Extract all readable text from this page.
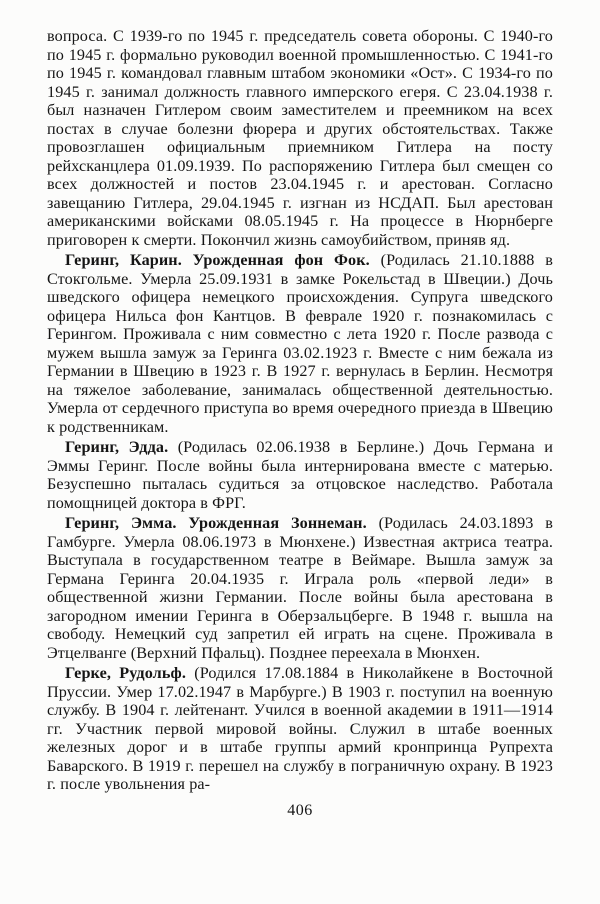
вопроса. С 1939-го по 1945 г. председатель совета обороны. С 1940-го по 1945 г. формально руководил военной промышленностью. С 1941-го по 1945 г. командовал главным штабом экономики «Ост». С 1934-го по 1945 г. занимал должность главного имперского егеря. С 23.04.1938 г. был назначен Гитлером своим заместителем и преемником на всех постах в случае болезни фюрера и других обстоятельствах. Также провозглашен официальным приемником Гитлера на посту рейхсканцлера 01.09.1939. По распоряжению Гитлера был смещен со всех должностей и постов 23.04.1945 г. и арестован. Согласно завещанию Гитлера, 29.04.1945 г. изгнан из НСДАП. Был арестован американскими войсками 08.05.1945 г. На процессе в Нюрнберге приговорен к смерти. Покончил жизнь самоубийством, приняв яд.

Геринг, Карин. Урожденная фон Фок. (Родилась 21.10.1888 в Стокгольме. Умерла 25.09.1931 в замке Рокельстад в Швеции.) Дочь шведского офицера немецкого происхождения. Супруга шведского офицера Нильса фон Кантцов. В феврале 1920 г. познакомилась с Герингом. Проживала с ним совместно с лета 1920 г. После развода с мужем вышла замуж за Геринга 03.02.1923 г. Вместе с ним бежала из Германии в Швецию в 1923 г. В 1927 г. вернулась в Берлин. Несмотря на тяжелое заболевание, занималась общественной деятельностью. Умерла от сердечного приступа во время очередного приезда в Швецию к родственникам.

Геринг, Эдда. (Родилась 02.06.1938 в Берлине.) Дочь Германа и Эммы Геринг. После войны была интернирована вместе с матерью. Безуспешно пыталась судиться за отцовское наследство. Работала помощницей доктора в ФРГ.

Геринг, Эмма. Урожденная Зоннеман. (Родилась 24.03.1893 в Гамбурге. Умерла 08.06.1973 в Мюнхене.) Известная актриса театра. Выступала в государственном театре в Веймаре. Вышла замуж за Германа Геринга 20.04.1935 г. Играла роль «первой леди» в общественной жизни Германии. После войны была арестована в загородном имении Геринга в Оберзальцберге. В 1948 г. вышла на свободу. Немецкий суд запретил ей играть на сцене. Проживала в Этцелванге (Верхний Пфальц). Позднее переехала в Мюнхен.

Герке, Рудольф. (Родился 17.08.1884 в Николайкене в Восточной Пруссии. Умер 17.02.1947 в Марбурге.) В 1903 г. поступил на военную службу. В 1904 г. лейтенант. Учился в военной академии в 1911—1914 гг. Участник первой мировой войны. Служил в штабе военных железных дорог и в штабе группы армий кронпринца Рупрехта Баварского. В 1919 г. перешел на службу в пограничную охрану. В 1923 г. после увольнения ра-

406
